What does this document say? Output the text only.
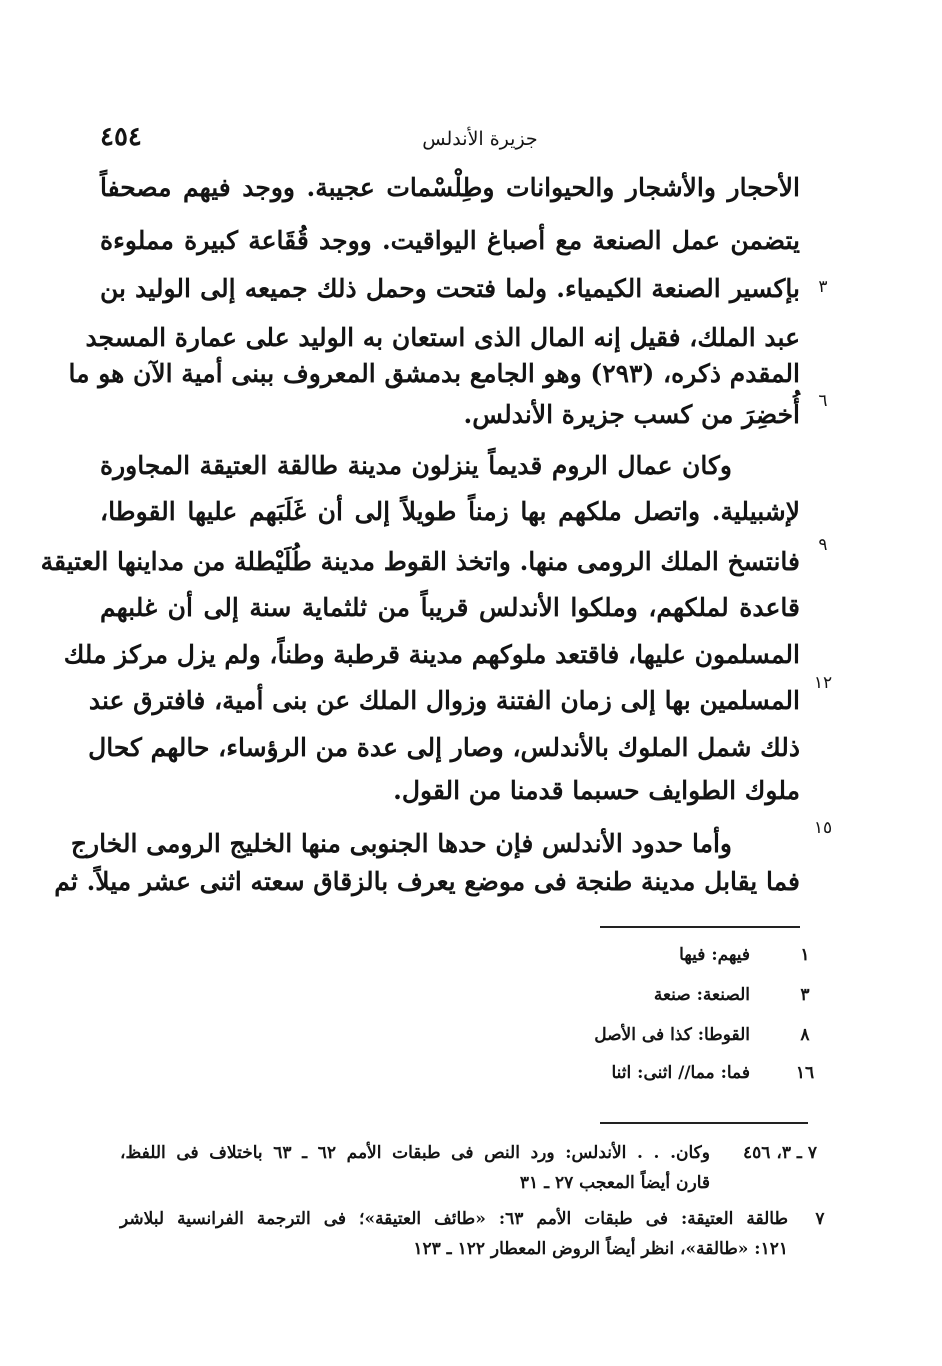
٤٥٤	جزيرة الأندلس
الأحجار والأشجار والحيوانات وطِلْسْمات عجيبة. ووجد فيهم مصحفاً
يتضمن عمل الصنعة مع أصباغ اليواقيت. ووجد قُقَاعة كبيرة مملوءة
بإكسير الصنعة الكيمياء. ولما فتحت وحمل ذلك جميعه إلى الوليد بن
عبد الملك، فقيل إنه المال الذى استعان به الوليد على عمارة المسجد
المقدم ذكره، (٢٩٣) وهو الجامع بدمشق المعروف ببنى أمية الآن هو ما
أُخضِرَ من كسب جزيرة الأندلس.
وكان عمال الروم قديماً ينزلون مدينة طالقة العتيقة المجاورة
لإشبيلية. واتصل ملكهم بها زمناً طويلاً إلى أن غَلَبَهم عليها القوطا،
فانتسخ الملك الرومى منها. واتخذ القوط مدينة طُلَيْطلة من مداينها العتيقة
قاعدة لملكهم، وملكوا الأندلس قريباً من ثلثماية سنة إلى أن غلبهم
المسلمون عليها، فاقتعد ملوكهم مدينة قرطبة وطناً، ولم يزل مركز ملك
المسلمين بها إلى زمان الفتنة وزوال الملك عن بنى أمية، فافترق عند
ذلك شمل الملوك بالأندلس، وصار إلى عدة من الرؤساء، حالهم كحال
ملوك الطوايف حسبما قدمنا من القول.
وأما حدود الأندلس فإن حدها الجنوبى منها الخليج الرومى الخارج
فما يقابل مدينة طنجة فى موضع يعرف بالزقاق سعته اثنى عشر ميلاً. ثم
٣
٦
٩
١٢
١٥
١
فيهم: فيها
٣
الصنعة: صنعة
٨
القوطا: كذا فى الأصل
١٦
فما: مما// اثنى: اثنا
٧ ـ ٣، ٤٥٦
وكان. . . الأندلس: ورد النص فى طبقات الأمم ٦٢ ـ ٦٣ باختلاف فى اللفظ،
قارن أيضاً المعجب ٢٧ ـ ٣١
٧
طالقة العتيقة: فى طبقات الأمم ٦٣: «طائف العتيقة»؛ فى الترجمة الفرانسية لبلاشر
١٢١: «طالقة»، انظر أيضاً الروض المعطار ١٢٢ ـ ١٢٣
